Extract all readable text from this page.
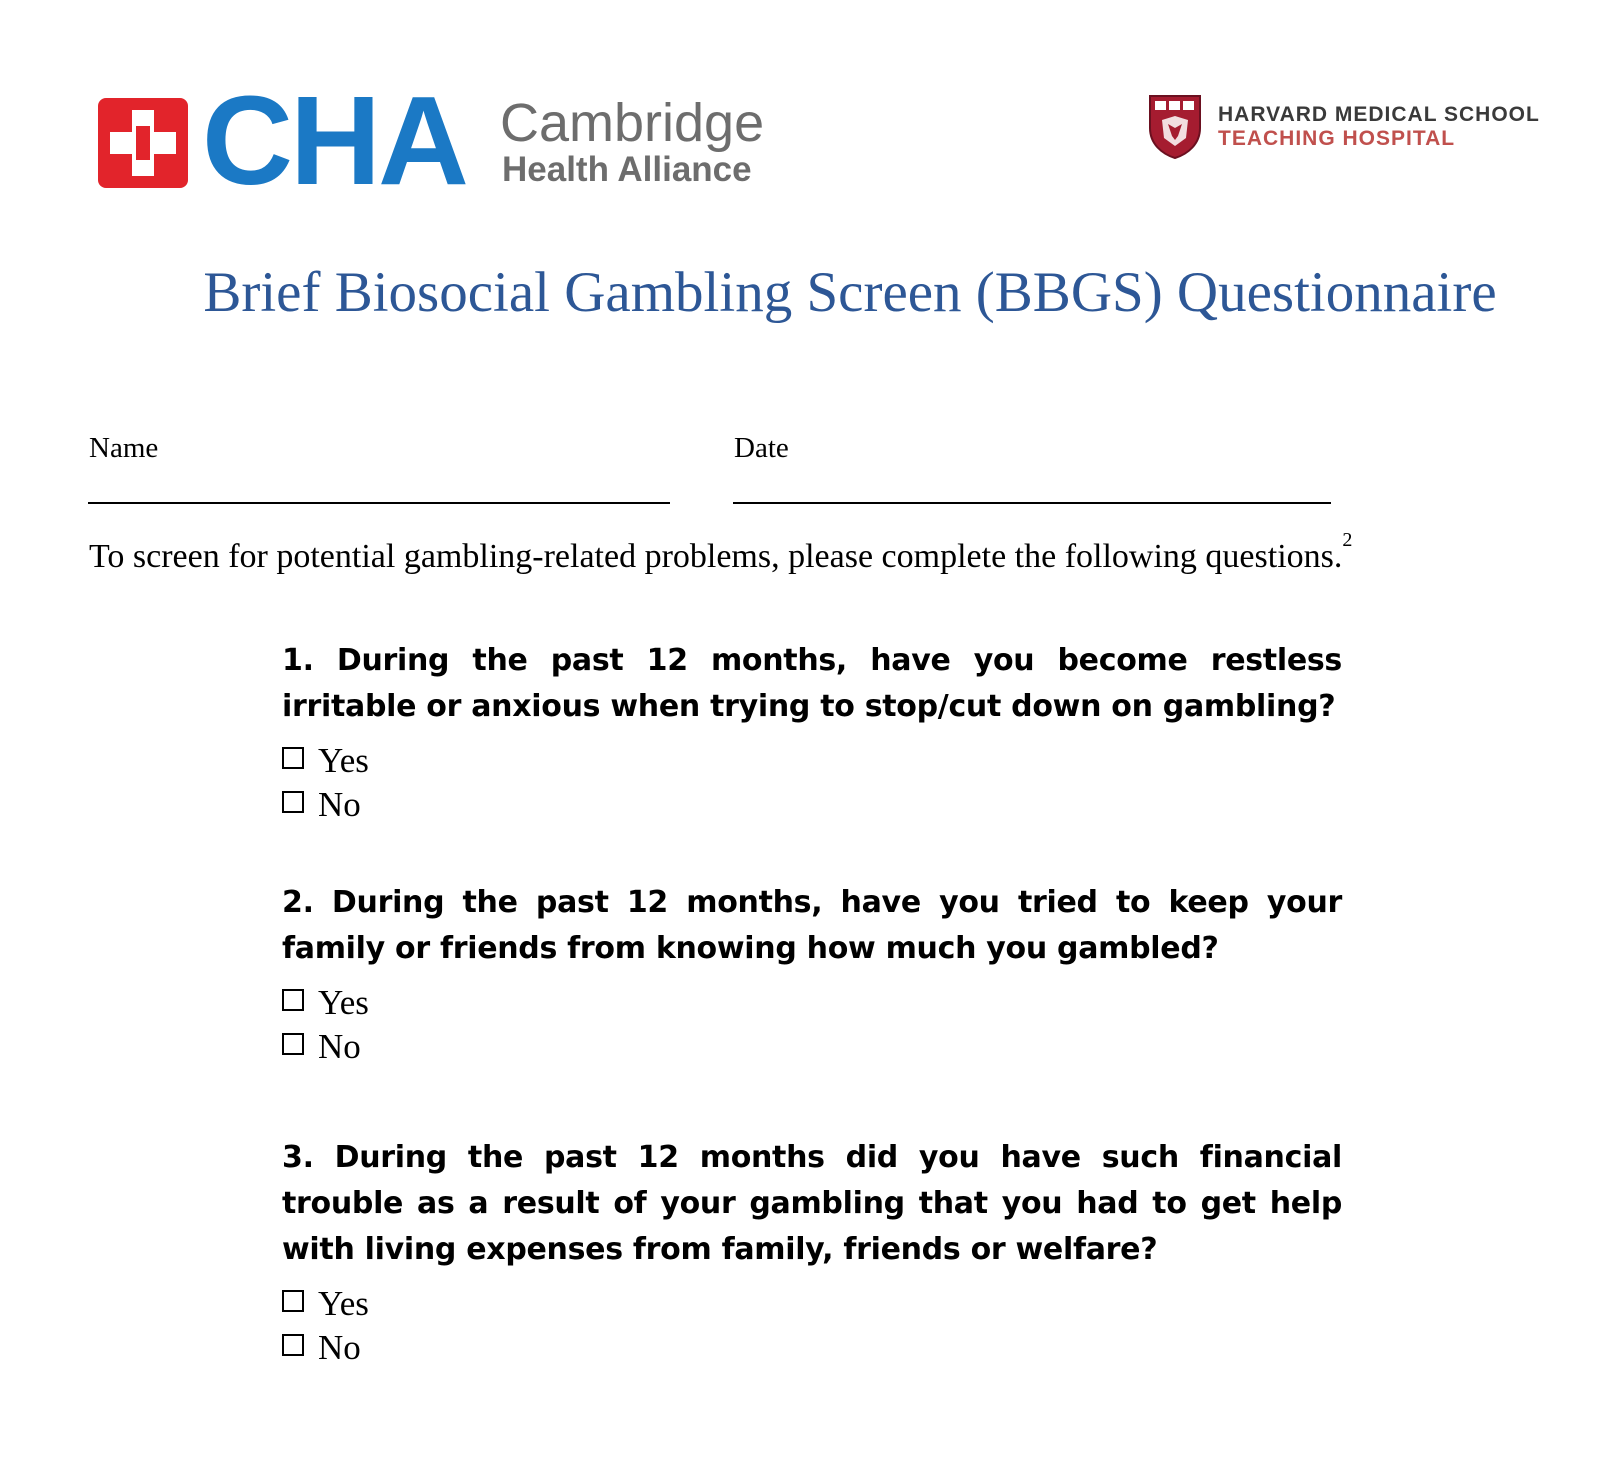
CHA Cambridge
Health Alliance
HARVARD MEDICAL SCHOOL
TEACHING HOSPITAL
Brief Biosocial Gambling Screen (BBGS) Questionnaire
Name	Date
To screen for potential gambling-related problems, please complete the following questions.$^2$
1. During the past 12 months, have you become restless irritable or anxious when trying to stop/cut down on gambling?
Yes
No
2. During the past 12 months, have you tried to keep your family or friends from knowing how much you gambled?
Yes
No
3. During the past 12 months did you have such financial trouble as a result of your gambling that you had to get help with living expenses from family, friends or welfare?
Yes
No
